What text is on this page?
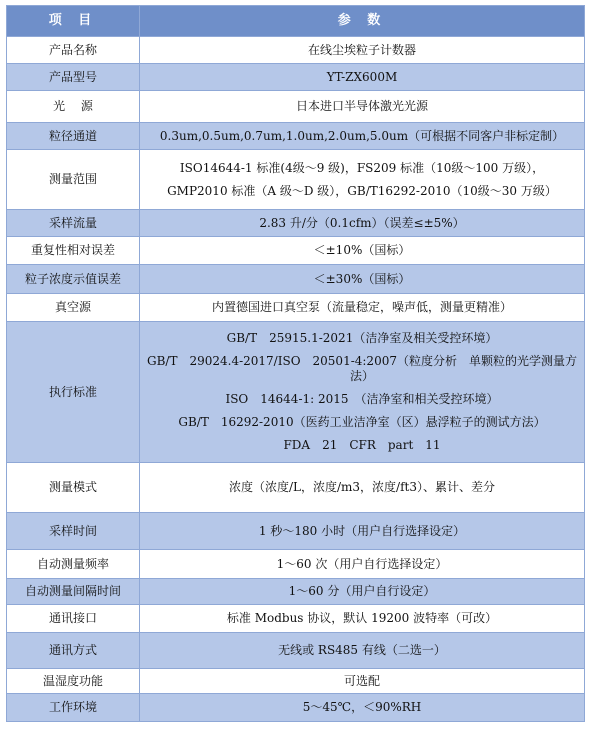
项 目	参 数
产品名称	在线尘埃粒子计数器

产品型号	YT-ZX600M

光　 源	日本进口半导体激光光源

粒径通道	0.3um,0.5um,0.7um,1.0um,2.0um,5.0um（可根据不同客户非标定制）

测量范围	ISO14644-1 标准(4级～9 级)，FS209 标准（10级～100 万级），
GMP2010 标准（A 级～D 级），GB/T16292-2010（10级～30 万级）

采样流量	2.83 升/分（0.1cfm）（误差≤±5%）

重复性相对误差	＜±10%（国标）

粒子浓度示值误差	＜±30%（国标）

真空源	内置德国进口真空泵（流量稳定，噪声低，测量更精准）

执行标准	GB/T　25915.1-2021（洁净室及相关受控环境）
GB/T　29024.4-2017/ISO　20501-4:2007（粒度分析　单颗粒的光学测量方法）
ISO　14644-1: 2015　（洁净室和相关受控环境）
GB/T　16292-2010（医药工业洁净室（区）悬浮粒子的测试方法）
FDA　21　CFR　part　11

测量模式	浓度（浓度/L，浓度/m3，浓度/ft3）、累计、差分

采样时间	1 秒～180 小时（用户自行选择设定）

自动测量频率	1～60 次（用户自行选择设定）

自动测量间隔时间	1～60 分（用户自行设定）

通讯接口	标准 Modbus 协议，默认 19200 波特率（可改）

通讯方式	无线或 RS485 有线（二选一）

温湿度功能	可选配

工作环境	5～45℃，＜90%RH
